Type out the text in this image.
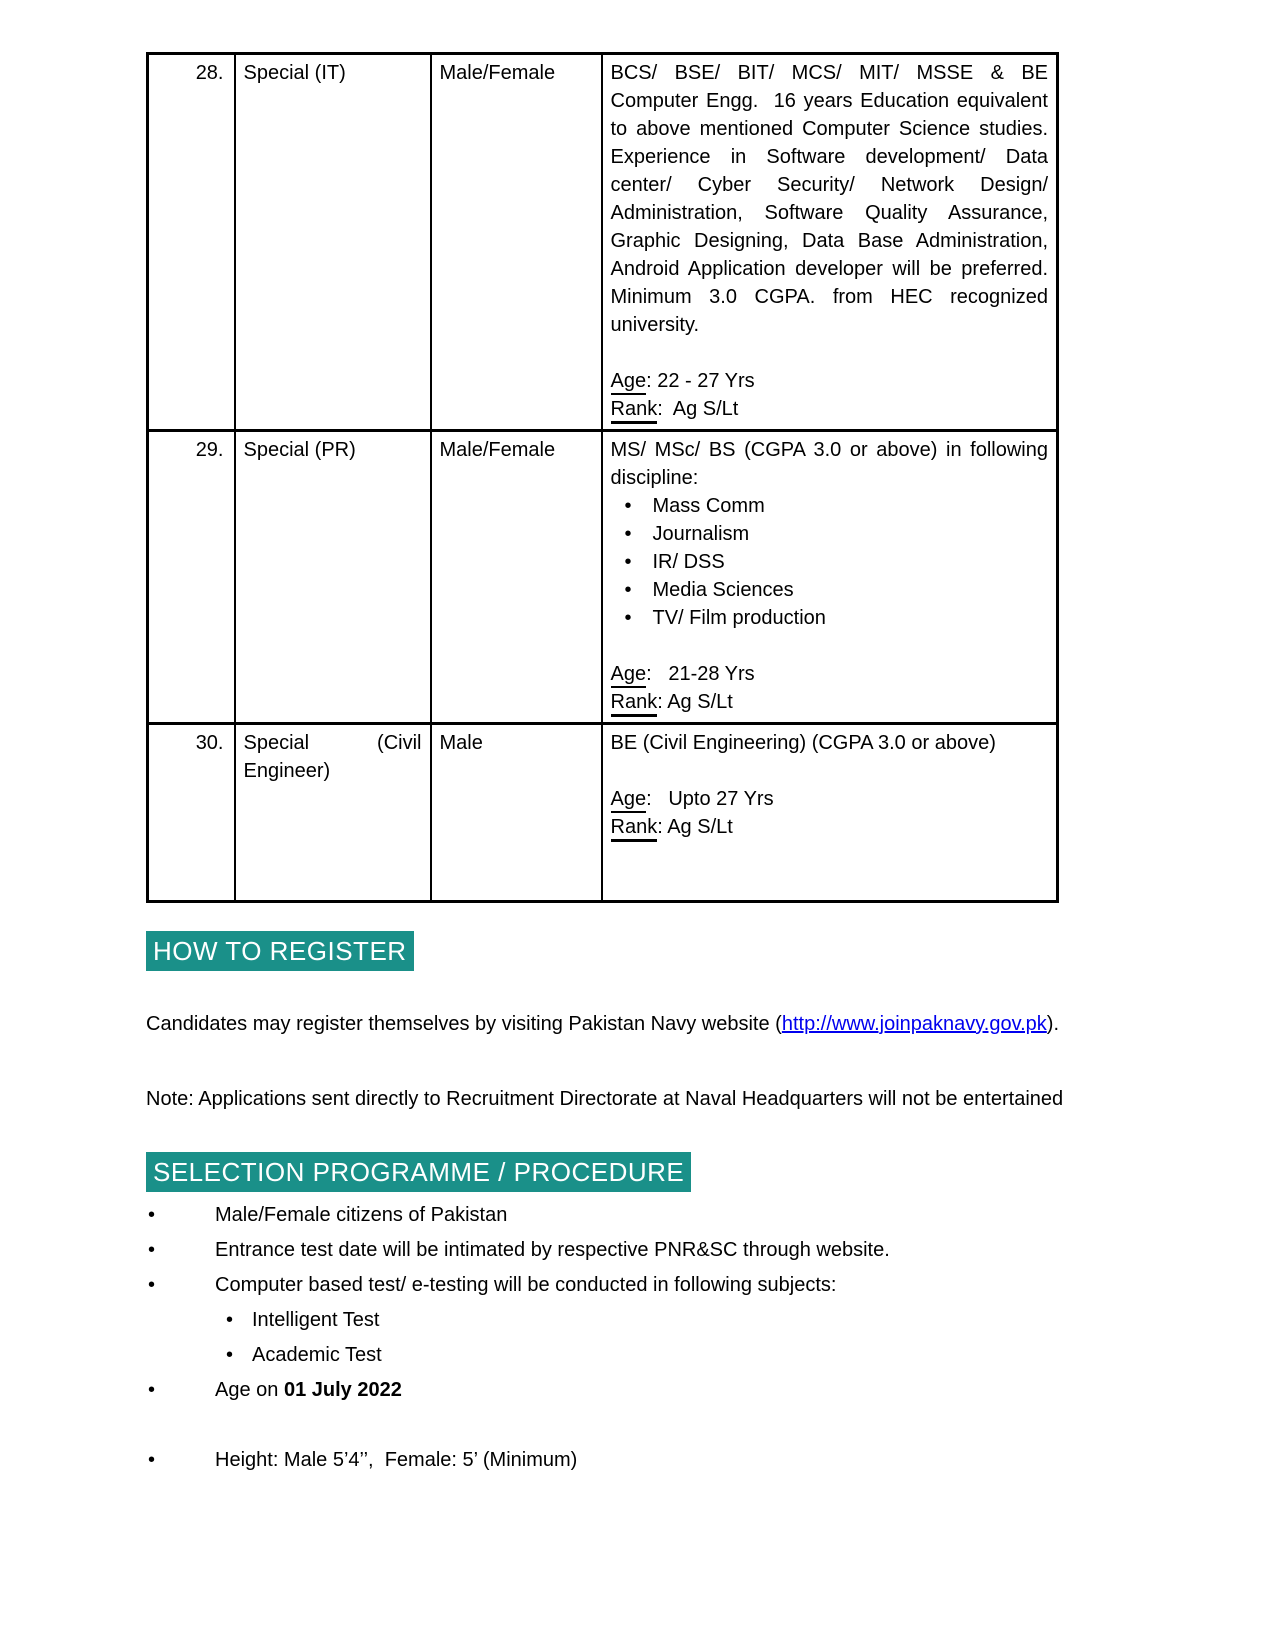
28.	Special (IT)	Male/Female	BCS/ BSE/ BIT/ MCS/ MIT/ MSSE & BE Computer Engg.  16 years Education equivalent to above mentioned Computer Science studies. Experience in Software development/ Data center/ Cyber Security/ Network Design/ Administration, Software Quality Assurance, Graphic Designing, Data Base Administration, Android Application developer will be preferred. Minimum 3.0 CGPA. from HEC recognized university.
Age: 22 - 27 Yrs
Rank:  Ag S/Lt

29.	Special (PR)	Male/Female	MS/ MSc/ BS (CGPA 3.0 or above) in following discipline:
• Mass Comm
• Journalism
• IR/ DSS
• Media Sciences
• TV/ Film production
Age:   21-28 Yrs
Rank: Ag S/Lt

30.	Special (Civil Engineer)	Male	BE (Civil Engineering) (CGPA 3.0 or above)
Age:   Upto 27 Yrs
Rank: Ag S/Lt
HOW TO REGISTER

Candidates may register themselves by visiting Pakistan Navy website (http://www.joinpaknavy.gov.pk).

Note: Applications sent directly to Recruitment Directorate at Naval Headquarters will not be entertained

SELECTION PROGRAMME / PROCEDURE
• Male/Female citizens of Pakistan
• Entrance test date will be intimated by respective PNR&SC through website.
• Computer based test/ e-testing will be conducted in following subjects:
• Intelligent Test
• Academic Test
• Age on 01 July 2022
• Height: Male 5’4’’,  Female: 5’ (Minimum)
